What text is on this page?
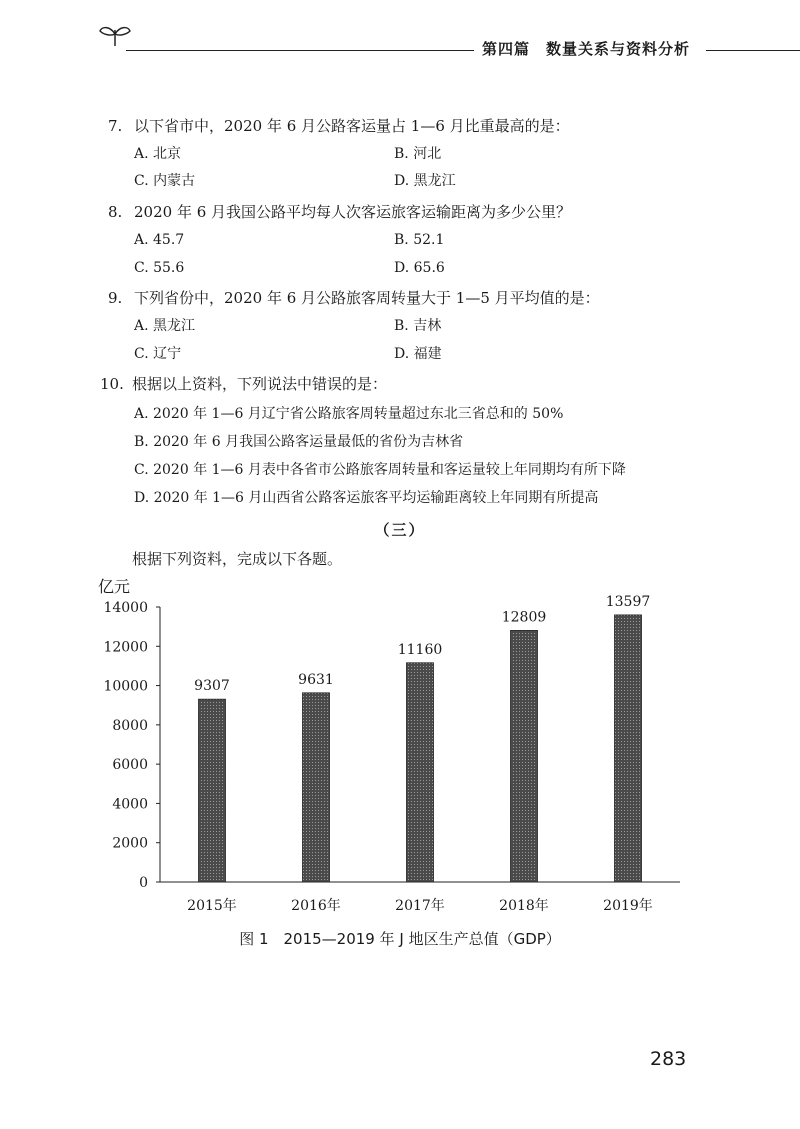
第四篇　数量关系与资料分析
7. 以下省市中，2020 年 6 月公路客运量占 1—6 月比重最高的是：
A. 北京	B. 河北
C. 内蒙古	D. 黑龙江
8. 2020 年 6 月我国公路平均每人次客运旅客运输距离为多少公里？
A. 45.7	B. 52.1
C. 55.6	D. 65.6
9. 下列省份中，2020 年 6 月公路旅客周转量大于 1—5 月平均值的是：
A. 黑龙江	B. 吉林
C. 辽宁	D. 福建
10. 根据以上资料，下列说法中错误的是：
A. 2020 年 1—6 月辽宁省公路旅客周转量超过东北三省总和的 50%
B. 2020 年 6 月我国公路客运量最低的省份为吉林省
C. 2020 年 1—6 月表中各省市公路旅客周转量和客运量较上年同期均有所下降
D. 2020 年 1—6 月山西省公路客运旅客平均运输距离较上年同期有所提高
（三）
根据下列资料，完成以下各题。
亿元
0
2000
4000
6000
8000
10000
12000
14000
9307
2015年
9631
2016年
11160
2017年
12809
2018年
13597
2019年
图 1　2015—2019 年 J 地区生产总值（GDP）
283
